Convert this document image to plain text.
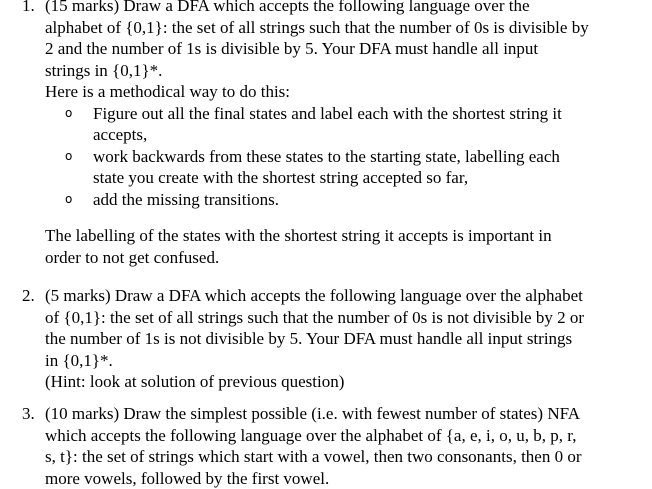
1. (15 marks) Draw a DFA which accepts the following language over the
alphabet of {0,1}: the set of all strings such that the number of 0s is divisible by
2 and the number of 1s is divisible by 5. Your DFA must handle all input
strings in {0,1}*.
Here is a methodical way to do this:
o	Figure out all the final states and label each with the shortest string it
accepts,
o	work backwards from these states to the starting state, labelling each
state you create with the shortest string accepted so far,
o	add the missing transitions.
The labelling of the states with the shortest string it accepts is important in
order to not get confused.
2. (5 marks) Draw a DFA which accepts the following language over the alphabet
of {0,1}: the set of all strings such that the number of 0s is not divisible by 2 or
the number of 1s is not divisible by 5. Your DFA must handle all input strings
in {0,1}*.
(Hint: look at solution of previous question)
3. (10 marks) Draw the simplest possible (i.e. with fewest number of states) NFA
which accepts the following language over the alphabet of {a, e, i, o, u, b, p, r,
s, t}: the set of strings which start with a vowel, then two consonants, then 0 or
more vowels, followed by the first vowel.
